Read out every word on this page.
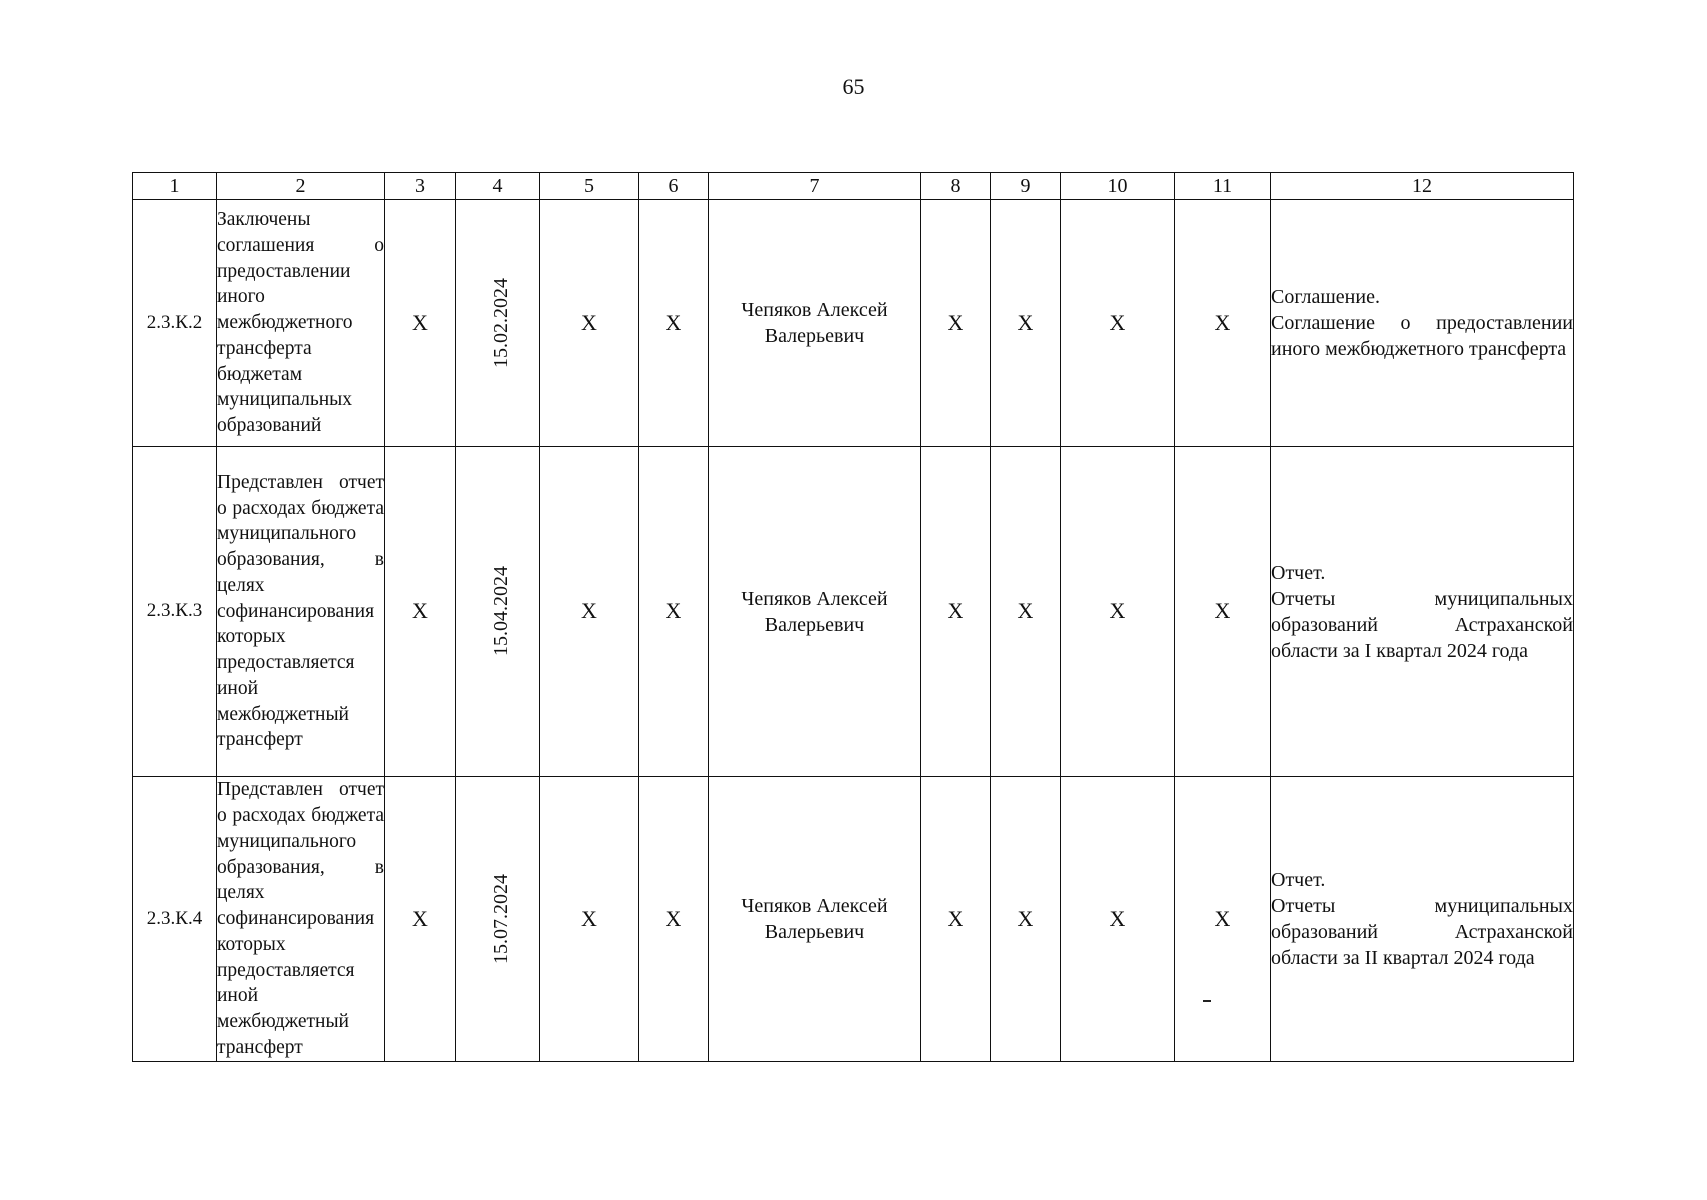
65
1	2	3	4	5	6	7	8	9	10	11	12
2.3.К.2	Заключены соглашения о предоставлении иного межбюджетного трансферта бюджетам муниципальных образований	Х	15.02.2024	Х	Х	Чепяков Алексей Валерьевич	Х	Х	Х	Х	Соглашение.
Соглашение о предоставлении иного межбюджетного трансферта
2.3.К.3	Представлен отчет о расходах бюджета муниципального образования, в целях софинансирования которых предоставляется иной межбюджетный трансферт	Х	15.04.2024	Х	Х	Чепяков Алексей Валерьевич	Х	Х	Х	Х	Отчет.
Отчеты муниципальных образований Астраханской области за I квартал 2024 года
2.3.К.4	Представлен отчет о расходах бюджета муниципального образования, в целях софинансирования которых предоставляется иной межбюджетный трансферт	Х	15.07.2024	Х	Х	Чепяков Алексей Валерьевич	Х	Х	Х	Х	Отчет.
Отчеты муниципальных образований Астраханской области за II квартал 2024 года
